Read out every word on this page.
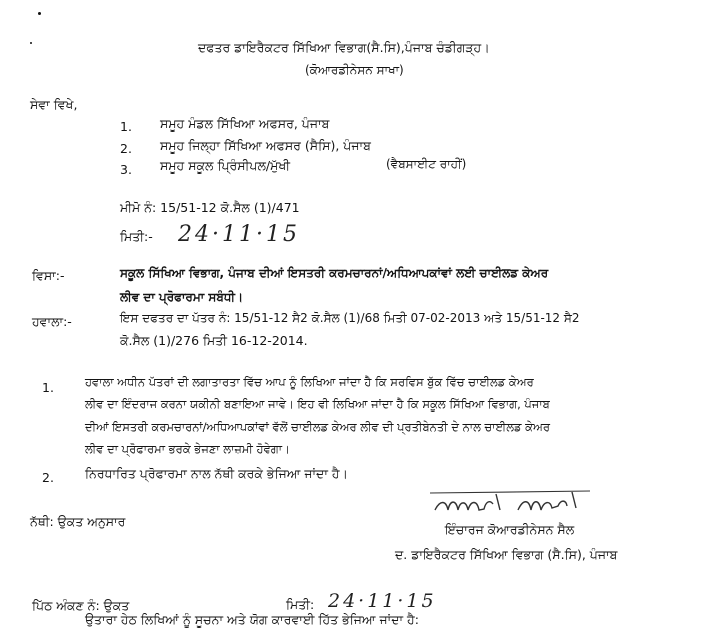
ਦਫਤਰ ਡਾਇਰੈਕਟਰ ਸਿੱਖਿਆ ਵਿਭਾਗ(ਸੈ.ਸਿ),ਪੰਜਾਬ ਚੰਡੀਗੜ੍ਹ।
(ਕੋਆਰਡੀਨੇਸਨ ਸਾਖਾ)
ਸੇਵਾ ਵਿਖੇ,
1. ਸਮੂਹ ਮੰਡਲ ਸਿੱਖਿਆ ਅਫਸਰ, ਪੰਜਾਬ
2. ਸਮੂਹ ਜਿਲ੍ਹਾ ਸਿੱਖਿਆ ਅਫਸਰ (ਸੈਸਿ), ਪੰਜਾਬ
3. ਸਮੂਹ ਸਕੂਲ ਪ੍ਰਿੰਸੀਪਲ/ਮੁੱਖੀ	(ਵੈਬਸਾਈਟ ਰਾਹੀਂ)
ਮੀਮੋ ਨੰ: 15/51-12 ਕੋ.ਸੈਲ (1)/471
ਮਿਤੀ:- 24·11·15
ਵਿਸਾ:-	ਸਕੂਲ ਸਿੱਖਿਆ ਵਿਭਾਗ, ਪੰਜਾਬ ਦੀਆਂ ਇਸਤਰੀ ਕਰਮਚਾਰਨਾਂ/ਅਧਿਆਪਕਾਂਵਾਂ ਲਈ ਚਾਈਲਡ ਕੇਅਰ
ਲੀਵ ਦਾ ਪ੍ਰੋਫਾਰਮਾ ਸਬੰਧੀ।
ਹਵਾਲਾ:-	ਇਸ ਦਫਤਰ ਦਾ ਪੱਤਰ ਨੰ: 15/51-12 ਸੈ2 ਕੋ.ਸੈਲ (1)/68 ਮਿਤੀ 07-02-2013 ਅਤੇ 15/51-12 ਸੈ2
ਕੋ.ਸੈਲ (1)/276 ਮਿਤੀ 16-12-2014.
1.	ਹਵਾਲਾ ਅਧੀਨ ਪੱਤਰਾਂ ਦੀ ਲਗਾਤਾਰਤਾ ਵਿੱਚ ਆਪ ਨੂੰ ਲਿਖਿਆ ਜਾਂਦਾ ਹੈ ਕਿ ਸਰਵਿਸ ਬੁੱਕ ਵਿੱਚ ਚਾਈਲਡ ਕੇਅਰ
ਲੀਵ ਦਾ ਇੰਦਰਾਜ ਕਰਨਾ ਯਕੀਨੀ ਬਣਾਇਆ ਜਾਵੇ। ਇਹ ਵੀ ਲਿਖਿਆ ਜਾਂਦਾ ਹੈ ਕਿ ਸਕੂਲ ਸਿੱਖਿਆ ਵਿਭਾਗ, ਪੰਜਾਬ
ਦੀਆਂ ਇਸਤਰੀ ਕਰਮਚਾਰਨਾਂ/ਅਧਿਆਪਕਾਂਵਾਂ ਵੱਲੋਂ ਚਾਈਲਡ ਕੇਅਰ ਲੀਵ ਦੀ ਪ੍ਰਤੀਬੇਨਤੀ ਦੇ ਨਾਲ ਚਾਈਲਡ ਕੇਅਰ
ਲੀਵ ਦਾ ਪ੍ਰੋਫਾਰਮਾ ਭਰਕੇ ਭੇਜਣਾ ਲਾਜ਼ਮੀ ਹੋਵੇਗਾ।
2. ਨਿਰਧਾਰਿਤ ਪ੍ਰੋਫਾਰਮਾ ਨਾਲ ਨੱਥੀ ਕਰਕੇ ਭੇਜਿਆ ਜਾਂਦਾ ਹੈ।
ਨੱਥੀ: ਉਕਤ ਅਨੁਸਾਰ
ਇੰਚਾਰਜ ਕੋਆਰਡੀਨੇਸਨ ਸੈਲ
ਦ. ਡਾਇਰੈਕਟਰ ਸਿੱਖਿਆ ਵਿਭਾਗ (ਸੈ.ਸਿ), ਪੰਜਾਬ
ਪਿੱਠ ਅੰਕਣ ਨੰ: ਉਕਤ	ਮਿਤੀ: 24·11·15
ਉਤਾਰਾ ਹੇਠ ਲਿਖਿਆਂ ਨੂੰ ਸੂਚਨਾ ਅਤੇ ਯੋਗ ਕਾਰਵਾਈ ਹਿੱਤ ਭੇਜਿਆ ਜਾਂਦਾ ਹੈ:
